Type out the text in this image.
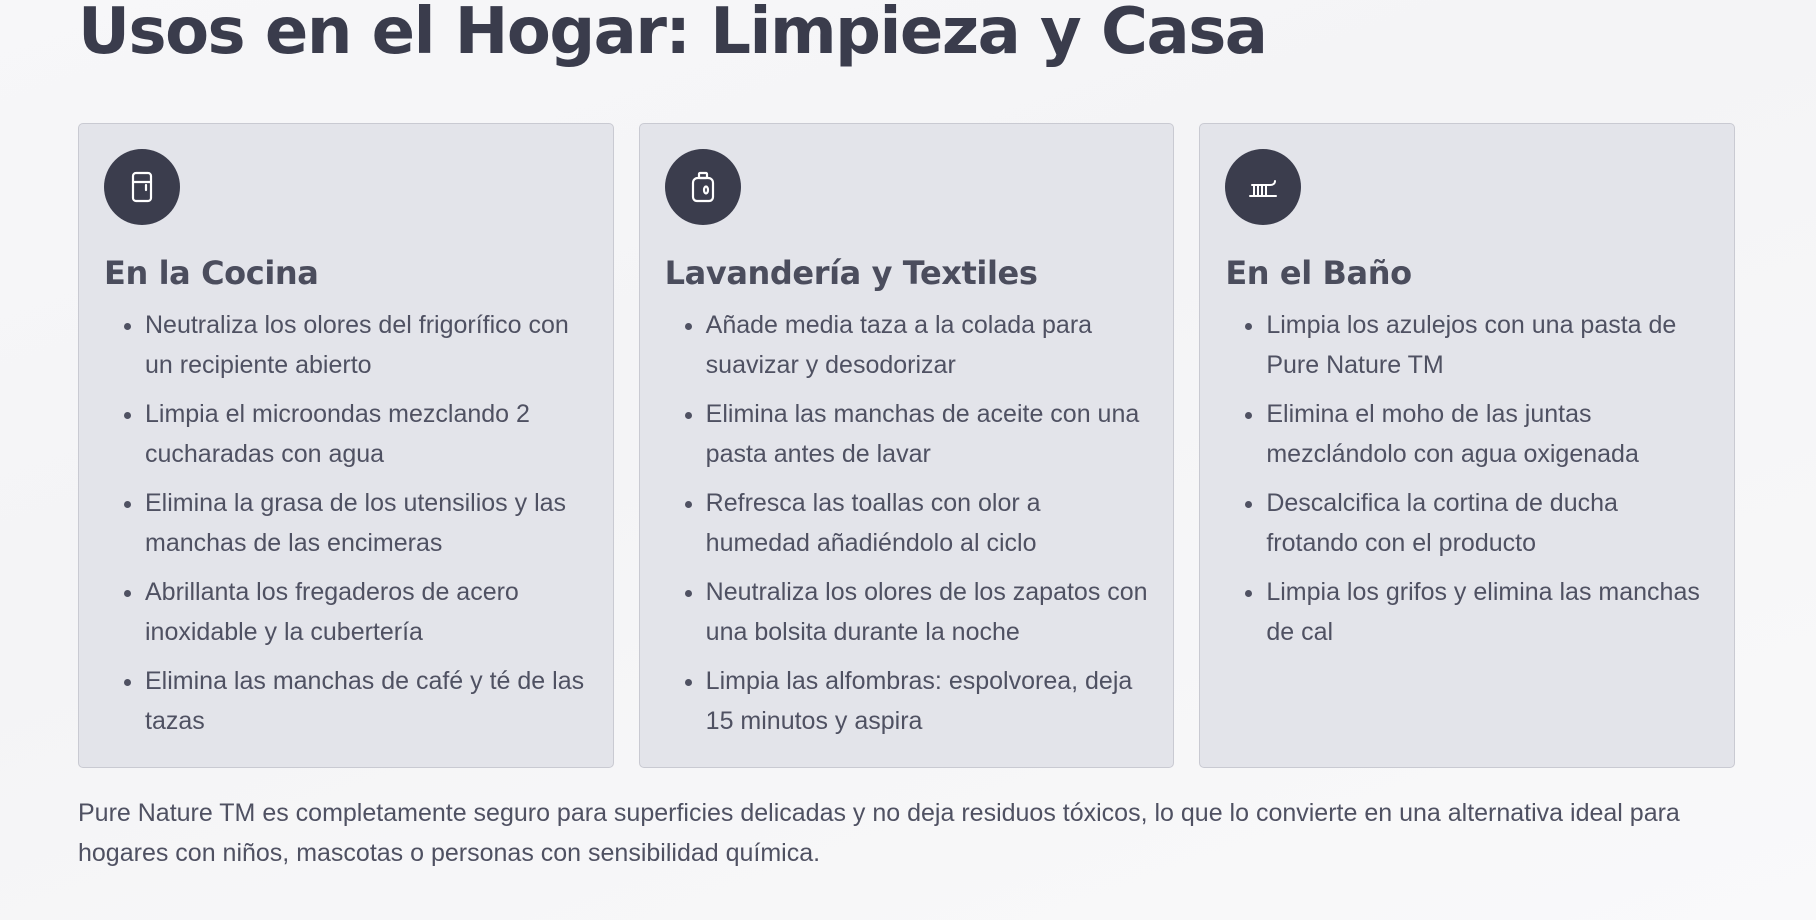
Usos en el Hogar: Limpieza y Casa
En la Cocina
• Neutraliza los olores del frigorífico con un recipiente abierto
• Limpia el microondas mezclando 2 cucharadas con agua
• Elimina la grasa de los utensilios y las manchas de las encimeras
• Abrillanta los fregaderos de acero inoxidable y la cubertería
• Elimina las manchas de café y té de las tazas
Lavandería y Textiles
• Añade media taza a la colada para suavizar y desodorizar
• Elimina las manchas de aceite con una pasta antes de lavar
• Refresca las toallas con olor a humedad añadiéndolo al ciclo
• Neutraliza los olores de los zapatos con una bolsita durante la noche
• Limpia las alfombras: espolvorea, deja 15 minutos y aspira
En el Baño
• Limpia los azulejos con una pasta de Pure Nature TM
• Elimina el moho de las juntas mezclándolo con agua oxigenada
• Descalcifica la cortina de ducha frotando con el producto
• Limpia los grifos y elimina las manchas de cal

Pure Nature TM es completamente seguro para superficies delicadas y no deja residuos tóxicos, lo que lo convierte en una alternativa ideal para hogares con niños, mascotas o personas con sensibilidad química.
